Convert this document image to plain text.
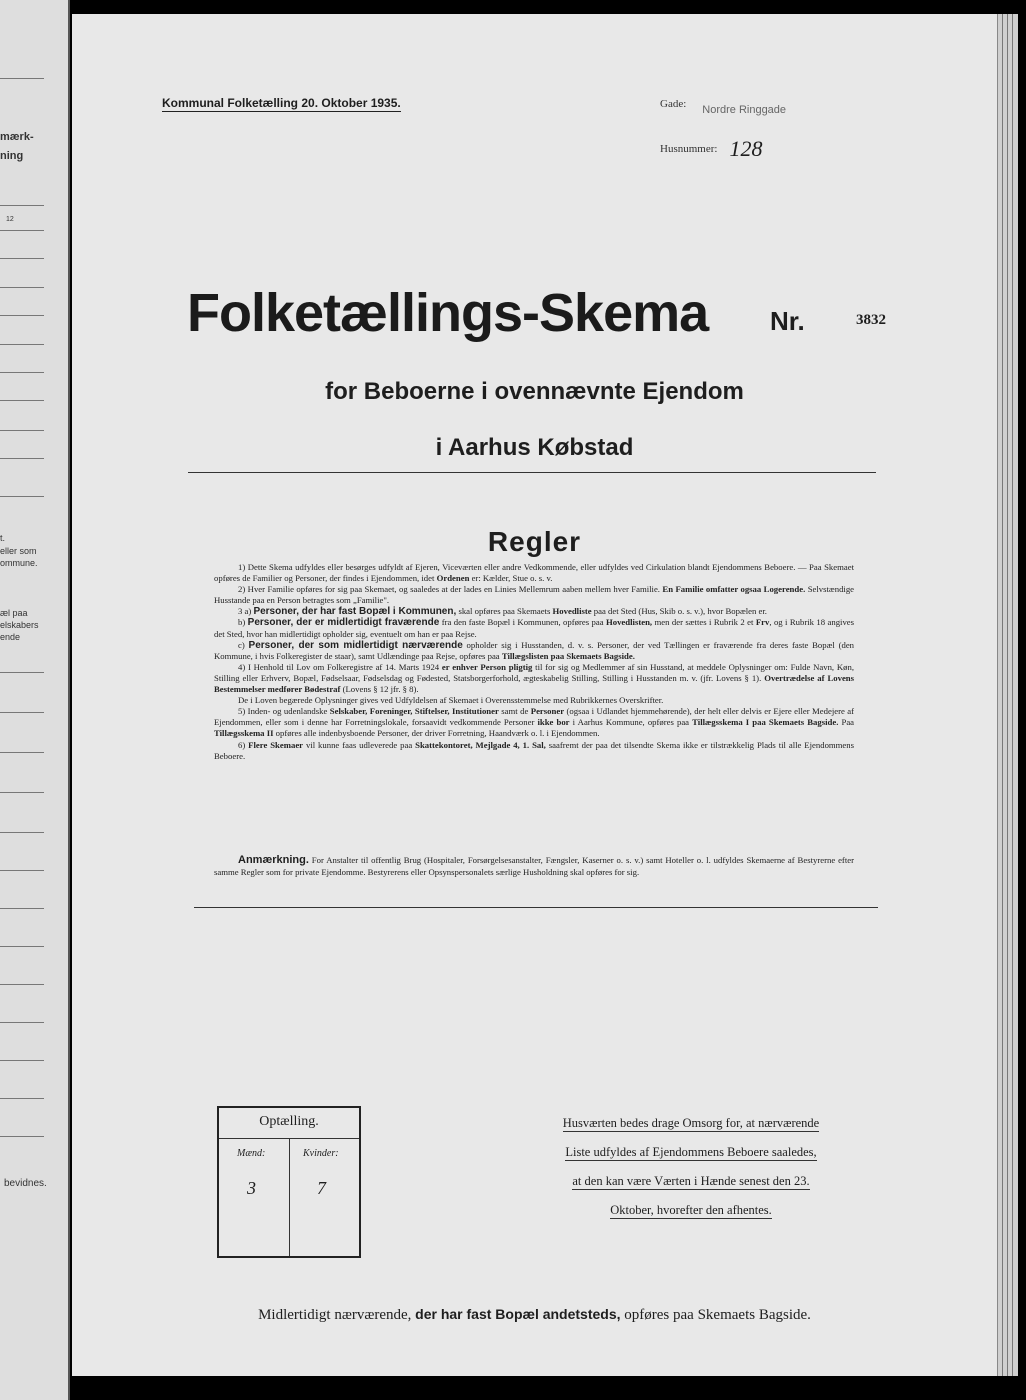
mærk-
ning
12
t.
eller som
ommune.
æl paa
elskabers
ende
bevidnes.
Kommunal Folketælling 20. Oktober 1935.	Gade: $_{Nordre Ringgade}$
Husnummer: 128
Folketællings-Skema Nr.	3832
for Beboerne i ovennævnte Ejendom
i Aarhus Købstad
Regler

1) Dette Skema udfyldes eller besørges udfyldt af Ejeren, Viceværten eller andre Vedkommende, eller udfyldes ved Cirkulation blandt Ejendommens Beboere. — Paa Skemaet opføres de Familier og Personer, der findes i Ejendommen, idet Ordenen er: Kælder, Stue o. s. v.

2) Hver Familie opføres for sig paa Skemaet, og saaledes at der lades en Linies Mellemrum aaben mellem hver Familie. En Familie omfatter ogsaa Logerende. Selvstændige Husstande paa en Person betragtes som „Familie".

3 a) Personer, der har fast Bopæl i Kommunen, skal opføres paa Skemaets Hovedliste paa det Sted (Hus, Skib o. s. v.), hvor Bopælen er.

b) Personer, der er midlertidigt fraværende fra den faste Bopæl i Kommunen, opføres paa Hovedlisten, men der sættes i Rubrik 2 et Frv, og i Rubrik 18 angives det Sted, hvor han midlertidigt opholder sig, eventuelt om han er paa Rejse.

c) Personer, der som midlertidigt nærværende opholder sig i Husstanden, d. v. s. Personer, der ved Tællingen er fraværende fra deres faste Bopæl (den Kommune, i hvis Folkeregister de staar), samt Udlændinge paa Rejse, opføres paa Tillægslisten paa Skemaets Bagside.

4) I Henhold til Lov om Folkeregistre af 14. Marts 1924 er enhver Person pligtig til for sig og Medlemmer af sin Husstand, at meddele Oplysninger om: Fulde Navn, Køn, Stilling eller Erhverv, Bopæl, Fødselsaar, Fødselsdag og Fødested, Statsborgerforhold, ægteskabelig Stilling, Stilling i Husstanden m. v. (jfr. Lovens § 1). Overtrædelse af Lovens Bestemmelser medfører Bødestraf (Lovens § 12 jfr. § 8).

De i Loven begærede Oplysninger gives ved Udfyldelsen af Skemaet i Overensstemmelse med Rubrikkernes Overskrifter.

5) Inden- og udenlandske Selskaber, Foreninger, Stiftelser, Institutioner samt de Personer (ogsaa i Udlandet hjemmehørende), der helt eller delvis er Ejere eller Medejere af Ejendommen, eller som i denne har Forretningslokale, forsaavidt vedkommende Personer ikke bor i Aarhus Kommune, opføres paa Tillægsskema I paa Skemaets Bagside. Paa Tillægsskema II opføres alle indenbysboende Personer, der driver Forretning, Haandværk o. l. i Ejendommen.

6) Flere Skemaer vil kunne faas udleverede paa Skattekontoret, Mejlgade 4, 1. Sal, saafremt der paa det tilsendte Skema ikke er tilstrækkelig Plads til alle Ejendommens Beboere.

Anmærkning. For Anstalter til offentlig Brug (Hospitaler, Forsørgelsesanstalter, Fængsler, Kaserner o. s. v.) samt Hoteller o. l. udfyldes Skemaerne af Bestyrerne efter samme Regler som for private Ejendomme. Bestyrerens eller Opsynspersonalets særlige Husholdning skal opføres for sig.
Optælling.
Mænd:	Kvinder:
3	7
Husværten bedes drage Omsorg for, at nærværende
Liste udfyldes af Ejendommens Beboere saaledes,
at den kan være Værten i Hænde senest den 23.
Oktober, hvorefter den afhentes.
Midlertidigt nærværende, der har fast Bopæl andetsteds, opføres paa Skemaets Bagside.
